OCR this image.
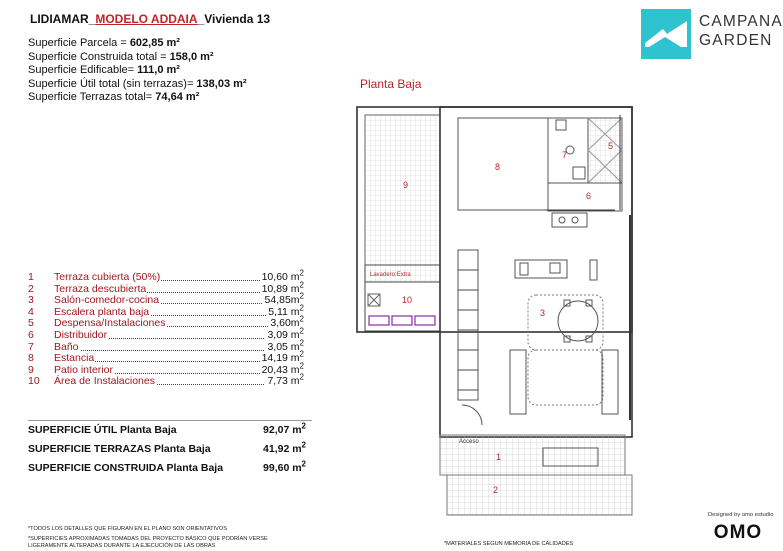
LIDIAMAR_MODELO ADDAIA_Vivienda 13
Superficie Parcela = 602,85 m²
Superficie Construida total = 158,0 m²
Superficie Edificable= 111,0 m²
Superficie Útil total (sin terrazas)= 138,03 m²
Superficie Terrazas total= 74,64 m²
CAMPANA
GARDEN
Planta Baja
1 Terraza cubierta (50%)	10,60 $m^2$
2 Terraza descubierta	10,89 $m^2$
3 Salón-comedor-cocina	$54,85m^2$
4 Escalera planta baja	5,11 $m^2$
5 Despensa/Instalaciones	$3,60m^2$
6 Distribuidor	3,09 $m^2$
7 Baño	3,05 $m^2$
8 Estancia	14,19 $m^2$
9 Patio interior	20,43 $m^2$
10 Área de Instalaciones	7,73 $m^2$
SUPERFICIE ÚTIL Planta Baja	92,07 $m^2$
SUPERFICIE TERRAZAS Planta Baja	41,92 $m^2$
SUPERFICIE CONSTRUIDA Planta Baja	99,60 $m^2$
*TODOS LOS DETALLES QUE FIGURAN EN EL PLANO SON ORIENTATIVOS
*SUPERFICIES APROXIMADAS TOMADAS DEL PROYECTO BÁSICO QUE PODRÍAN VERSE
LIGERAMENTE ALTERADAS DURANTE LA EJECUCIÓN DE LAS OBRAS	*MATERIALES SEGUN MEMORIA DE CALIDADES
Designed by omo estudio
OMO
8
9
7
5
6
3
10
1
2
Lavadero:Extra
Acceso
